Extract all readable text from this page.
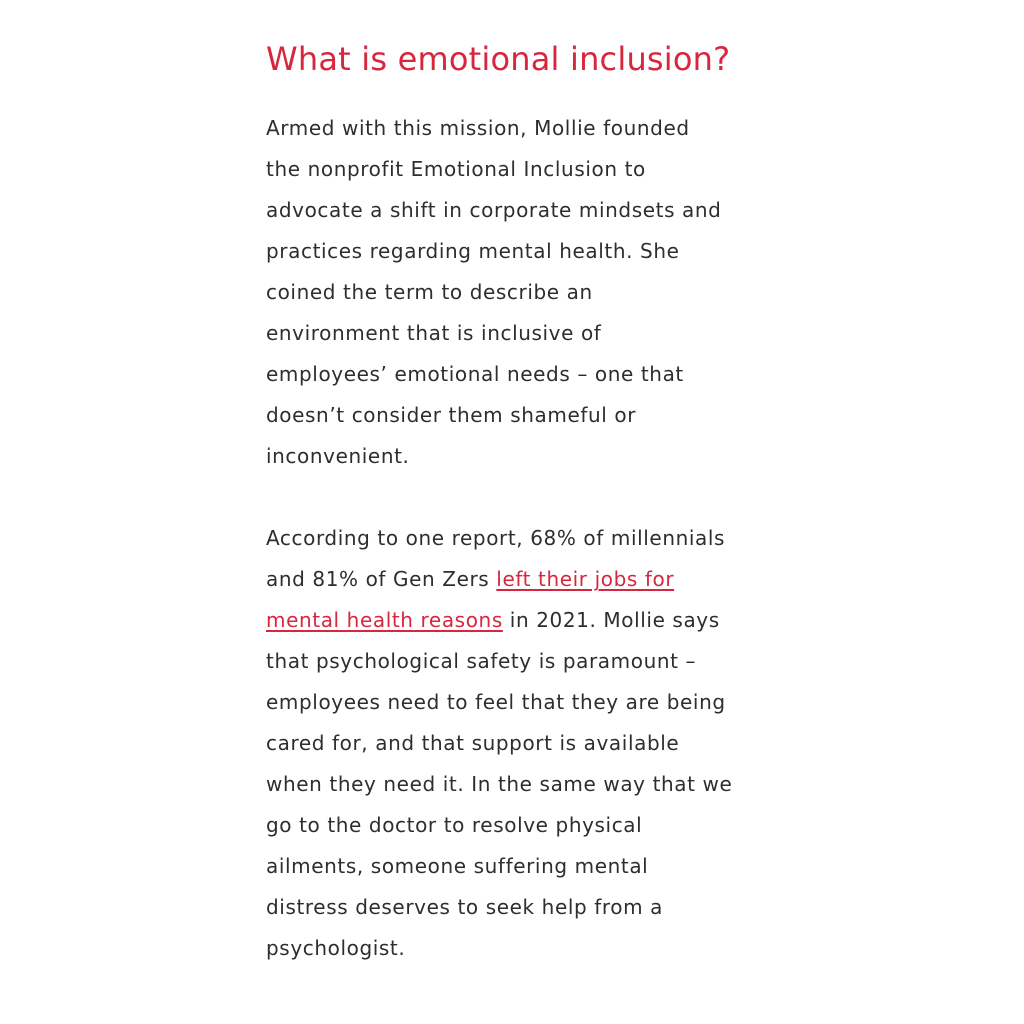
What is emotional inclusion?

Armed with this mission, Mollie founded
the nonprofit Emotional Inclusion to
advocate a shift in corporate mindsets and
practices regarding mental health. She
coined the term to describe an
environment that is inclusive of
employees’ emotional needs – one that
doesn’t consider them shameful or
inconvenient.

According to one report, 68% of millennials
and 81% of Gen Zers left their jobs for
mental health reasons in 2021. Mollie says
that psychological safety is paramount –
employees need to feel that they are being
cared for, and that support is available
when they need it. In the same way that we
go to the doctor to resolve physical
ailments, someone suffering mental
distress deserves to seek help from a
psychologist.
